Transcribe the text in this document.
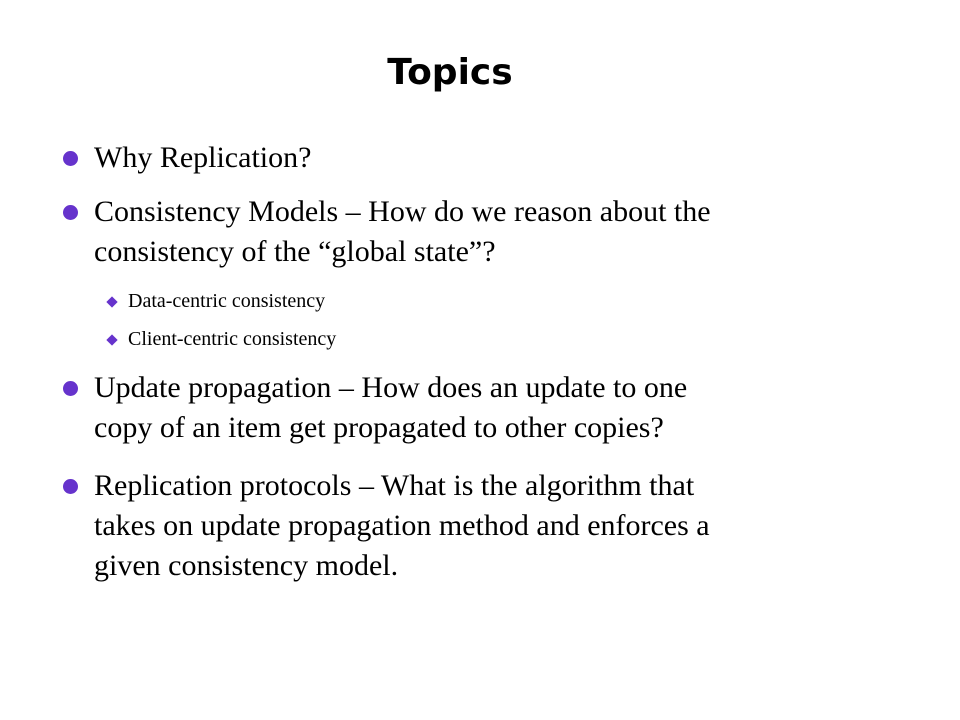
Topics
Why Replication?
Consistency Models – How do we reason about the
consistency of the “global state”?
Data-centric consistency
Client-centric consistency
Update propagation – How does an update to one
copy of an item get propagated to other copies?
Replication protocols – What is the algorithm that
takes on update propagation method and enforces a
given consistency model.
